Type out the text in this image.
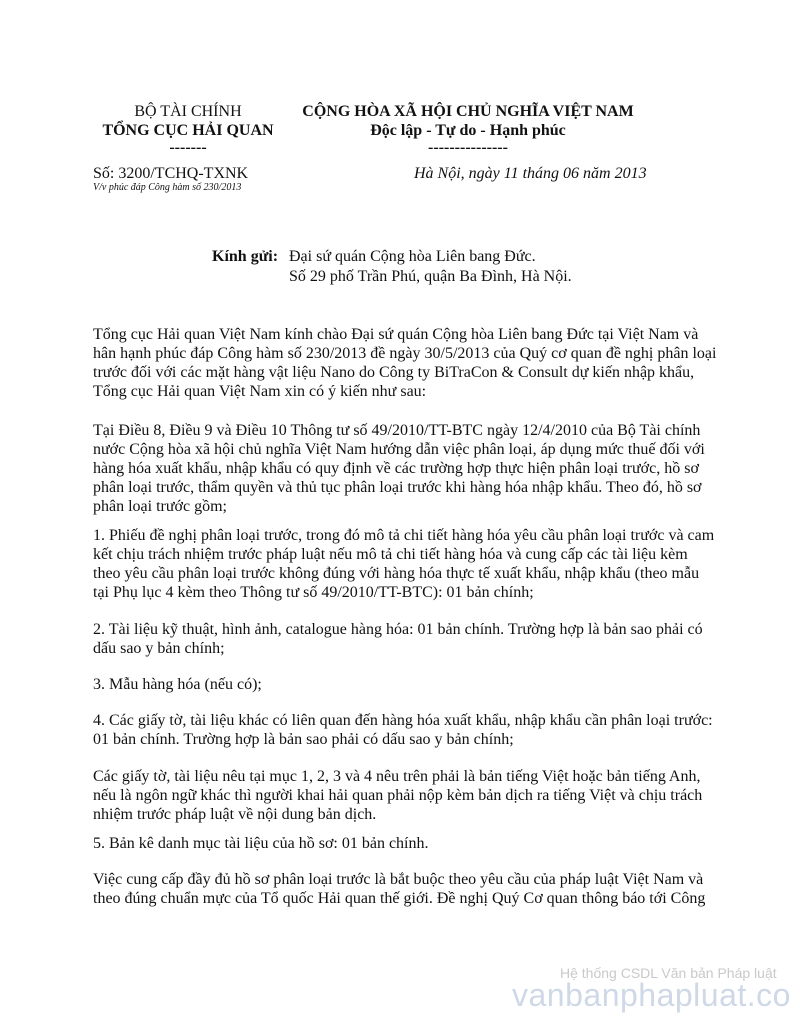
BỘ TÀI CHÍNH
TỔNG CỤC HẢI QUAN
-------
CỘNG HÒA XÃ HỘI CHỦ NGHĨA VIỆT NAM
Độc lập - Tự do - Hạnh phúc
---------------
Số: 3200/TCHQ-TXNK
V/v phúc đáp Công hàm số 230/2013
Hà Nội, ngày 11 tháng 06 năm 2013
Kính gửi: Đại sứ quán Cộng hòa Liên bang Đức.
Số 29 phố Trần Phú, quận Ba Đình, Hà Nội.
Tổng cục Hải quan Việt Nam kính chào Đại sứ quán Cộng hòa Liên bang Đức tại Việt Nam và
hân hạnh phúc đáp Công hàm số 230/2013 đề ngày 30/5/2013 của Quý cơ quan đề nghị phân loại
trước đối với các mặt hàng vật liệu Nano do Công ty BiTraCon & Consult dự kiến nhập khẩu,
Tổng cục Hải quan Việt Nam xin có ý kiến như sau:
Tại Điều 8, Điều 9 và Điều 10 Thông tư số 49/2010/TT-BTC ngày 12/4/2010 của Bộ Tài chính
nước Cộng hòa xã hội chủ nghĩa Việt Nam hướng dẫn việc phân loại, áp dụng mức thuế đối với
hàng hóa xuất khẩu, nhập khẩu có quy định về các trường hợp thực hiện phân loại trước, hồ sơ
phân loại trước, thẩm quyền và thủ tục phân loại trước khi hàng hóa nhập khẩu. Theo đó, hồ sơ
phân loại trước gồm;
1. Phiếu đề nghị phân loại trước, trong đó mô tả chi tiết hàng hóa yêu cầu phân loại trước và cam
kết chịu trách nhiệm trước pháp luật nếu mô tả chi tiết hàng hóa và cung cấp các tài liệu kèm
theo yêu cầu phân loại trước không đúng với hàng hóa thực tế xuất khẩu, nhập khẩu (theo mẫu
tại Phụ lục 4 kèm theo Thông tư số 49/2010/TT-BTC): 01 bản chính;
2. Tài liệu kỹ thuật, hình ảnh, catalogue hàng hóa: 01 bản chính. Trường hợp là bản sao phải có
dấu sao y bản chính;
3. Mẫu hàng hóa (nếu có);
4. Các giấy tờ, tài liệu khác có liên quan đến hàng hóa xuất khẩu, nhập khẩu cần phân loại trước:
01 bản chính. Trường hợp là bản sao phải có dấu sao y bản chính;
Các giấy tờ, tài liệu nêu tại mục 1, 2, 3 và 4 nêu trên phải là bản tiếng Việt hoặc bản tiếng Anh,
nếu là ngôn ngữ khác thì người khai hải quan phải nộp kèm bản dịch ra tiếng Việt và chịu trách
nhiệm trước pháp luật về nội dung bản dịch.
5. Bản kê danh mục tài liệu của hồ sơ: 01 bản chính.
Việc cung cấp đầy đủ hồ sơ phân loại trước là bắt buộc theo yêu cầu của pháp luật Việt Nam và
theo đúng chuẩn mực của Tổ quốc Hải quan thế giới. Đề nghị Quý Cơ quan thông báo tới Công
Hệ thống CSDL Văn bản Pháp luật
vanbanphapluat.co
